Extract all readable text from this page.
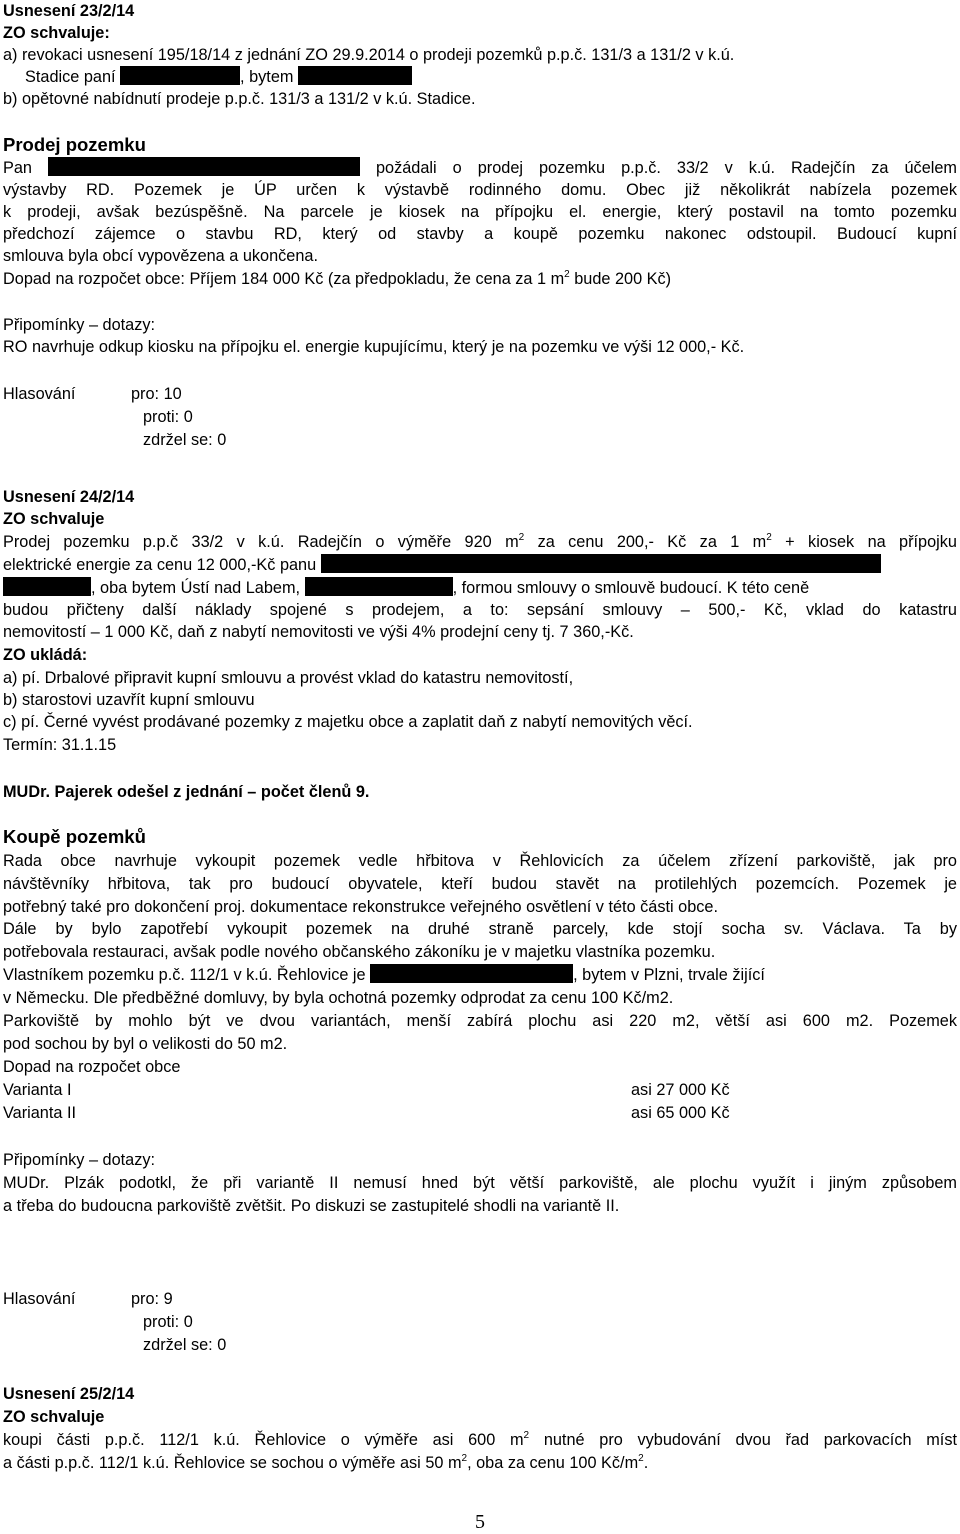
Usnesení 23/2/14
ZO schvaluje:
a) revokaci usnesení 195/18/14 z jednání ZO 29.9.2014 o prodeji pozemků p.p.č. 131/3 a 131/2 v k.ú.
Stadice paní	, bytem
b) opětovné nabídnutí prodeje p.p.č. 131/3 a 131/2 v k.ú. Stadice.
Prodej pozemku
Pan	požádali o prodej pozemku p.p.č. 33/2 v k.ú. Radejčín za účelem
výstavby RD. Pozemek je ÚP určen k výstavbě rodinného domu. Obec již několikrát nabízela pozemek
k prodeji, avšak bezúspěšně. Na parcele je kiosek na přípojku el. energie, který postavil na tomto pozemku
předchozí zájemce o stavbu RD, který od stavby a koupě pozemku nakonec odstoupil. Budoucí kupní
smlouva byla obcí vypovězena a ukončena.
Dopad na rozpočet obce: Příjem 184 000 Kč (za předpokladu, že cena za 1 $m^2$ bude 200 Kč)
Připomínky – dotazy:
RO navrhuje odkup kiosku na přípojku el. energie kupujícímu, který je na pozemku ve výši 12 000,- Kč.
Hlasování	pro: 10
proti: 0
zdržel se: 0
Usnesení 24/2/14
ZO schvaluje
Prodej pozemku p.p.č 33/2 v k.ú. Radejčín o výměře 920 $m^2$ za cenu 200,- Kč za 1 $m^2$ + kiosek na přípojku
elektrické energie za cenu 12 000,-Kč panu
, oba bytem Ústí nad Labem,	, formou smlouvy o smlouvě budoucí. K této ceně
budou přičteny další náklady spojené s prodejem, a to: sepsání smlouvy – 500,- Kč, vklad do katastru
nemovitostí – 1 000 Kč, daň z nabytí nemovitosti ve výši 4% prodejní ceny tj. 7 360,-Kč.
ZO ukládá:
a) pí. Drbalové připravit kupní smlouvu a provést vklad do katastru nemovitostí,
b) starostovi uzavřít kupní smlouvu
c) pí. Černé vyvést prodávané pozemky z majetku obce a zaplatit daň z nabytí nemovitých věcí.
Termín: 31.1.15
MUDr. Pajerek odešel z jednání – počet členů 9.
Koupě pozemků
Rada obce navrhuje vykoupit pozemek vedle hřbitova v Řehlovicích za účelem zřízení parkoviště, jak pro
návštěvníky hřbitova, tak pro budoucí obyvatele, kteří budou stavět na protilehlých pozemcích. Pozemek je
potřebný také pro dokončení proj. dokumentace rekonstrukce veřejného osvětlení v této části obce.
Dále by bylo zapotřebí vykoupit pozemek na druhé straně parcely, kde stojí socha sv. Václava. Ta by
potřebovala restauraci, avšak podle nového občanského zákoníku je v majetku vlastníka pozemku.
Vlastníkem pozemku p.č. 112/1 v k.ú. Řehlovice je	, bytem v Plzni, trvale žijící
v Německu. Dle předběžné domluvy, by byla ochotná pozemky odprodat za cenu 100 Kč/m2.
Parkoviště by mohlo být ve dvou variantách, menší zabírá plochu asi 220 m2, větší asi 600 m2. Pozemek
pod sochou by byl o velikosti do 50 m2.
Dopad na rozpočet obce
Varianta I	asi 27 000 Kč
Varianta II	asi 65 000 Kč
Připomínky – dotazy:
MUDr. Plzák podotkl, že při variantě II nemusí hned být větší parkoviště, ale plochu využít i jiným způsobem
a třeba do budoucna parkoviště zvětšit. Po diskuzi se zastupitelé shodli na variantě II.
Hlasování	pro: 9
proti: 0
zdržel se: 0
Usnesení 25/2/14
ZO schvaluje
koupi části p.p.č. 112/1 k.ú. Řehlovice o výměře asi 600 $m^2$ nutné pro vybudování dvou řad parkovacích míst
a části p.p.č. 112/1 k.ú. Řehlovice se sochou o výměře asi 50 $m^2$, oba za cenu 100 $Kč/m^2$.
5
